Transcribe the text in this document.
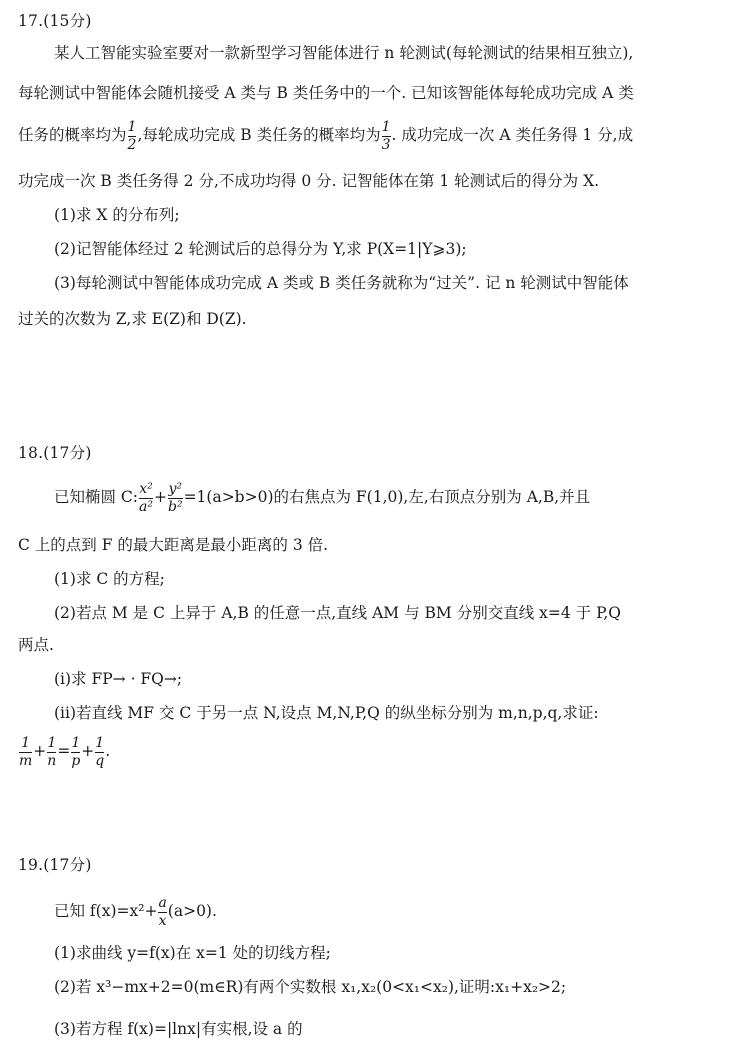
17.(15分)
某人工智能实验室要对一款新型学习智能体进行 n 轮测试(每轮测试的结果相互独立),
每轮测试中智能体会随机接受 A 类与 B 类任务中的一个. 已知该智能体每轮成功完成 A 类
任务的概率均为 $\frac{1}{2}$ ,每轮成功完成 B 类任务的概率均为 $\frac{1}{3}$ . 成功完成一次 A 类任务得 1 分,成
功完成一次 B 类任务得 2 分,不成功均得 0 分. 记智能体在第 1 轮测试后的得分为 X.
(1)求 X 的分布列;
(2)记智能体经过 2 轮测试后的总得分为 Y,求 P(X=1|Y⩾3);
(3)每轮测试中智能体成功完成 A 类或 B 类任务就称为“过关”. 记 n 轮测试中智能体
过关的次数为 Z,求 E(Z)和 D(Z).
18.(17分)
已知椭圆 C: $\frac{\text{x²}}{\text{a²}} + \frac{\text{y²}}{\text{b²}} =1(a>b>0)$的右焦点为 F(1,0),左,右顶点分别为 A,B,并且
C 上的点到 F 的最大距离是最小距离的 3 倍.
(1)求 C 的方程;
(2)若点 M 是 C 上异于 A,B 的任意一点,直线 AM 与 BM 分别交直线 x=4 于 P,Q
两点.
(i)求 FP→ · FQ→;
(ii)若直线 MF 交 C 于另一点 N,设点 M,N,P,Q 的纵坐标分别为 m,n,p,q,求证:
$\frac{1}{m} + \frac{1}{n} = \frac{1}{p} + \frac{1}{q}$ .
19.(17分)
已知 $f(x)=x^2+ \frac{a}{x} (a>0)$.
(1)求曲线 y=f(x)在 x=1 处的切线方程;
(2)若 x³−mx+2=0(m∈R)有两个实数根 x₁,x₂(0<x₁<x₂),证明:x₁+x₂>2;
(3)若方程 f(x)=|lnx|有实根,设 a 的
